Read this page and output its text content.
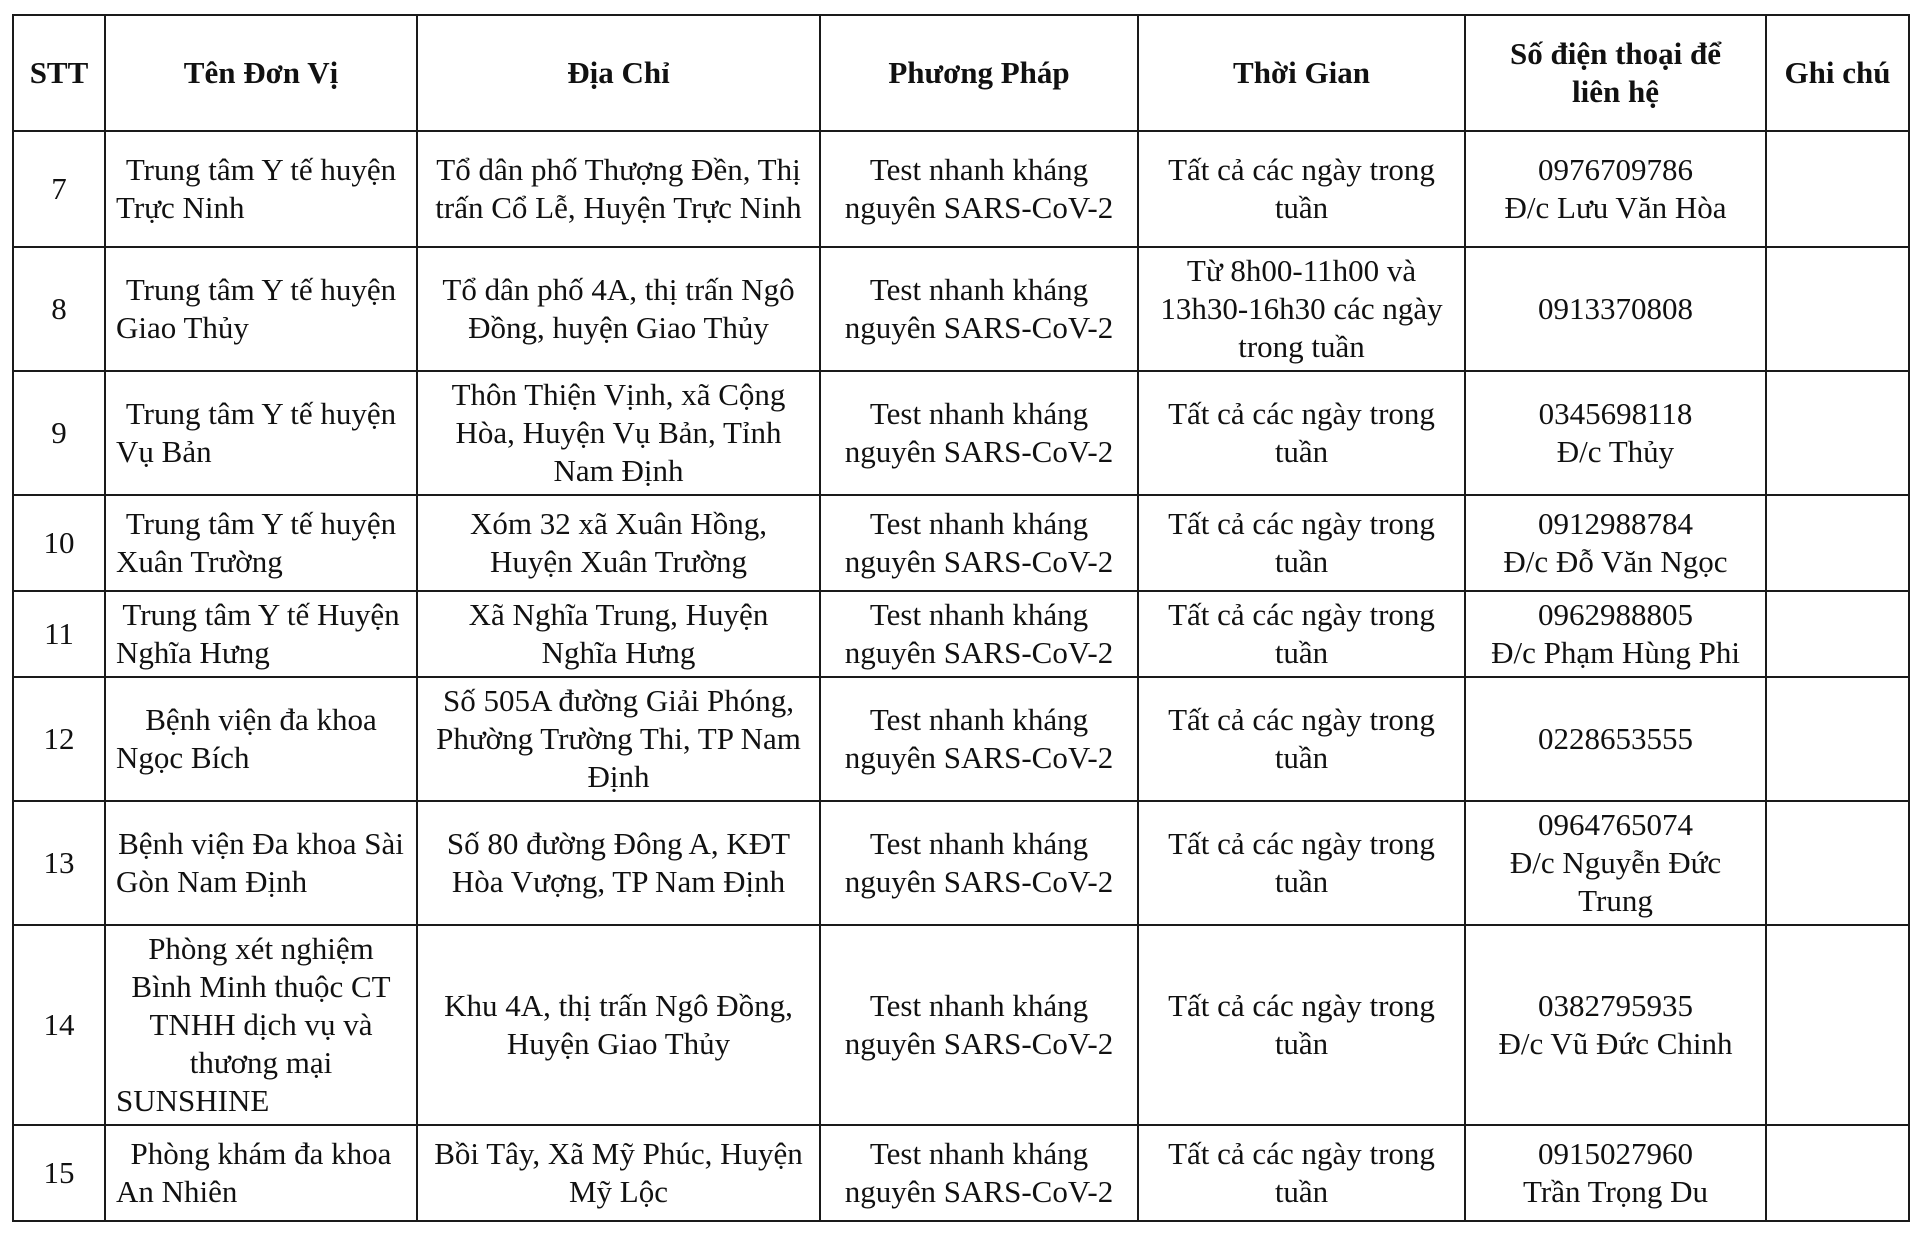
STT	Tên Đơn Vị	Địa Chỉ	Phương Pháp	Thời Gian	Số điện thoại để
liên hệ	Ghi chú
7	Trung tâm Y tế huyện Trực Ninh	Tổ dân phố Thượng Đền, Thị trấn Cổ Lễ, Huyện Trực Ninh	Test nhanh kháng nguyên SARS-CoV-2	Tất cả các ngày trong tuần	0976709786
Đ/c Lưu Văn Hòa	

8	Trung tâm Y tế huyện Giao Thủy	Tổ dân phố 4A, thị trấn Ngô Đồng, huyện Giao Thủy	Test nhanh kháng nguyên SARS-CoV-2	Từ 8h00-11h00 và 13h30-16h30 các ngày trong tuần	0913370808	

9	Trung tâm Y tế huyện Vụ Bản	Thôn Thiện Vịnh, xã Cộng Hòa, Huyện Vụ Bản, Tỉnh Nam Định	Test nhanh kháng nguyên SARS-CoV-2	Tất cả các ngày trong tuần	0345698118
Đ/c Thủy	

10	Trung tâm Y tế huyện Xuân Trường	Xóm 32 xã Xuân Hồng, Huyện Xuân Trường	Test nhanh kháng nguyên SARS-CoV-2	Tất cả các ngày trong tuần	0912988784
Đ/c Đỗ Văn Ngọc	

11	Trung tâm Y tế Huyện Nghĩa Hưng	Xã Nghĩa Trung, Huyện Nghĩa Hưng	Test nhanh kháng nguyên SARS-CoV-2	Tất cả các ngày trong tuần	0962988805
Đ/c Phạm Hùng Phi	

12	Bệnh viện đa khoa Ngọc Bích	Số 505A đường Giải Phóng, Phường Trường Thi, TP Nam Định	Test nhanh kháng nguyên SARS-CoV-2	Tất cả các ngày trong tuần	0228653555	

13	Bệnh viện Đa khoa Sài Gòn Nam Định	Số 80 đường Đông A, KĐT Hòa Vượng, TP Nam Định	Test nhanh kháng nguyên SARS-CoV-2	Tất cả các ngày trong tuần	0964765074
Đ/c Nguyễn Đức Trung	

14	Phòng xét nghiệm Bình Minh thuộc CT TNHH dịch vụ và thương mại SUNSHINE	Khu 4A, thị trấn Ngô Đồng, Huyện Giao Thủy	Test nhanh kháng nguyên SARS-CoV-2	Tất cả các ngày trong tuần	0382795935
Đ/c Vũ Đức Chinh	

15	Phòng khám đa khoa An Nhiên	Bồi Tây, Xã Mỹ Phúc, Huyện Mỹ Lộc	Test nhanh kháng nguyên SARS-CoV-2	Tất cả các ngày trong tuần	0915027960
Trần Trọng Du	
